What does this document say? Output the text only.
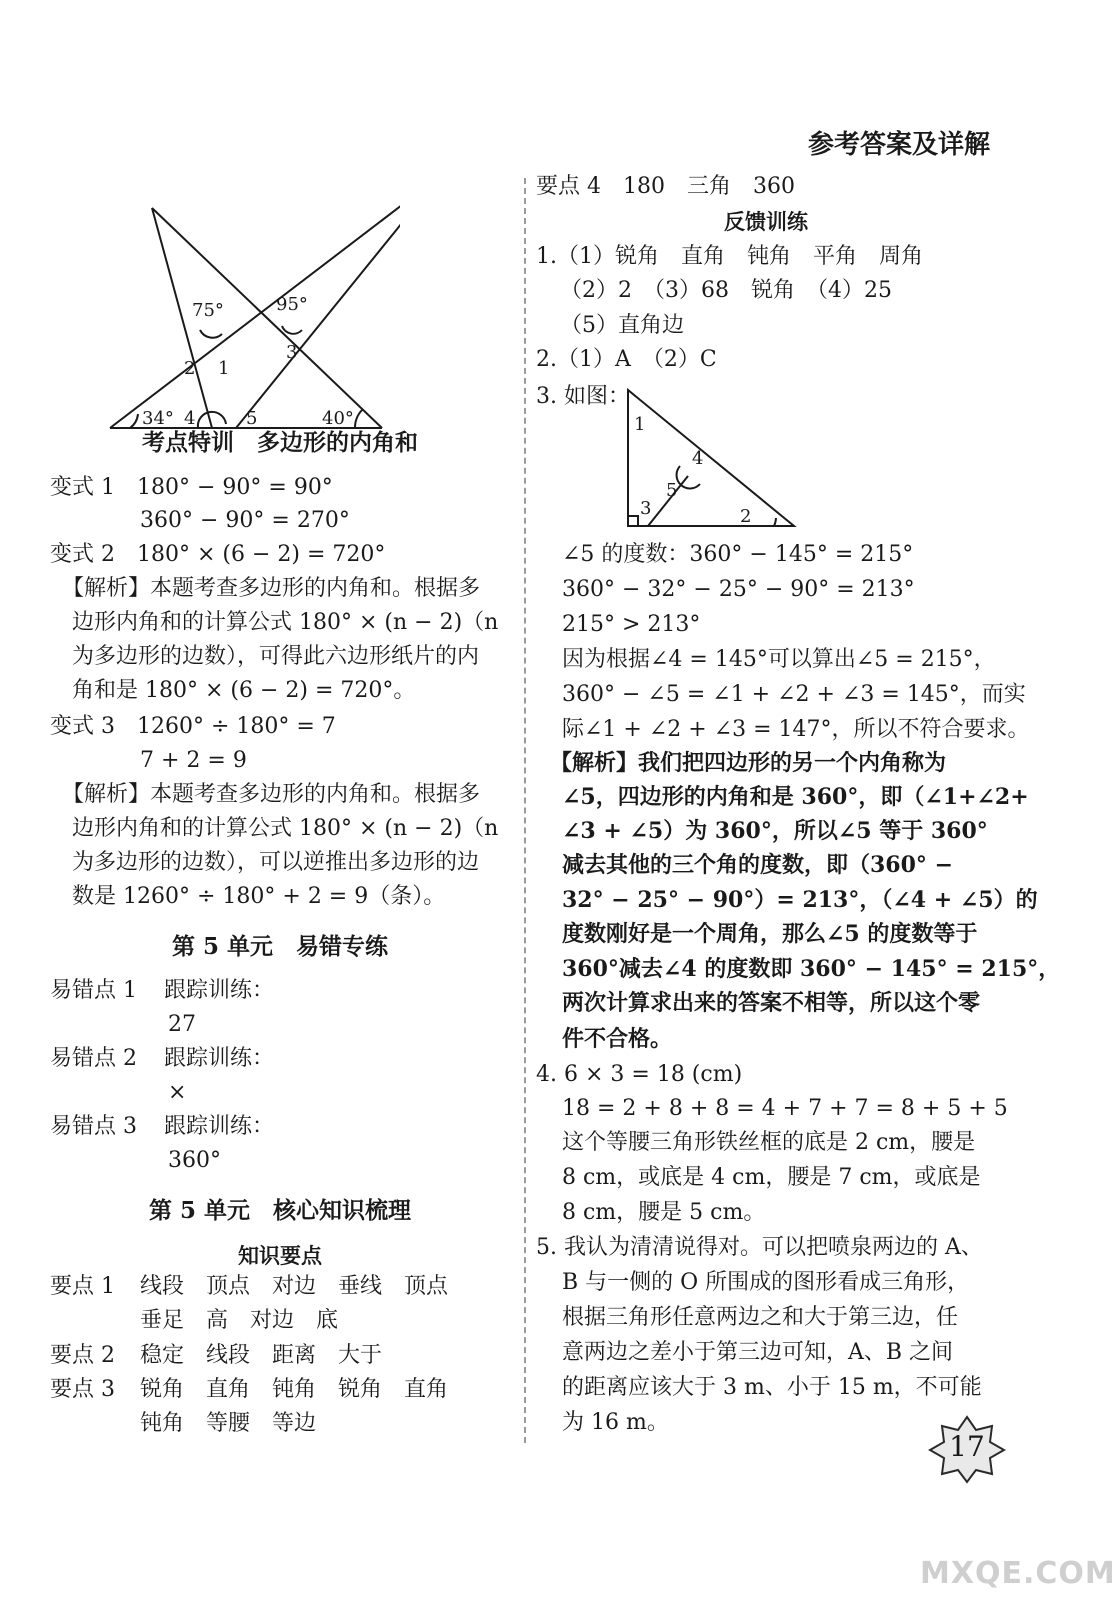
参考答案及详解
75°	95°
2 1
3
4	5
34°	40°
考点特训　多边形的内角和
变式 1　180° − 90° = 90°
360° − 90° = 270°
变式 2　180° × (6 − 2) = 720°
【解析】本题考查多边形的内角和。根据多
边形内角和的计算公式 180° × (n − 2)（n
为多边形的边数），可得此六边形纸片的内
角和是 180° × (6 − 2) = 720°。
变式 3　1260° ÷ 180° = 7
7 + 2 = 9
【解析】本题考查多边形的内角和。根据多
边形内角和的计算公式 180° × (n − 2)（n
为多边形的边数），可以逆推出多边形的边
数是 1260° ÷ 180° + 2 = 9（条）。
第 5 单元　易错专练
易错点 1 跟踪训练：
27
易错点 2 跟踪训练：
×
易错点 3 跟踪训练：
360°
第 5 单元　核心知识梳理
知识要点
要点 1 线段　顶点　对边　垂线　顶点
垂足　高　对边　底
要点 2 稳定　线段　距离　大于
要点 3 锐角　直角　钝角　锐角　直角
钝角　等腰　等边
要点 4　180　三角　360
反馈训练
1.（1）锐角　直角　钝角　平角　周角
（2）2　（3）68　锐角　（4）25
（5）直角边
2.（1）A　（2）C
3. 如图：
1
4
5
3	2
∠5 的度数：360° − 145° = 215°
360° − 32° − 25° − 90° = 213°
215° > 213°
因为根据∠4 = 145°可以算出∠5 = 215°，
360° − ∠5 = ∠1 + ∠2 + ∠3 = 145°，而实
际∠1 + ∠2 + ∠3 = 147°，所以不符合要求。
【解析】我们把四边形的另一个内角称为
∠5，四边形的内角和是 360°，即（∠1+∠2+
∠3 + ∠5）为 360°，所以∠5 等于 360°
减去其他的三个角的度数，即（360° −
32° − 25° − 90°）= 213°，（∠4 + ∠5）的
度数刚好是一个周角，那么∠5 的度数等于
360°减去∠4 的度数即 360° − 145° = 215°，
两次计算求出来的答案不相等，所以这个零
件不合格。
4. 6 × 3 = 18 (cm)
18 = 2 + 8 + 8 = 4 + 7 + 7 = 8 + 5 + 5
这个等腰三角形铁丝框的底是 2 cm，腰是
8 cm，或底是 4 cm，腰是 7 cm，或底是
8 cm，腰是 5 cm。
5. 我认为清清说得对。可以把喷泉两边的 A、
B 与一侧的 O 所围成的图形看成三角形，
根据三角形任意两边之和大于第三边，任
意两边之差小于第三边可知，A、B 之间
的距离应该大于 3 m、小于 15 m，不可能
为 16 m。
17
MXQE.COM
